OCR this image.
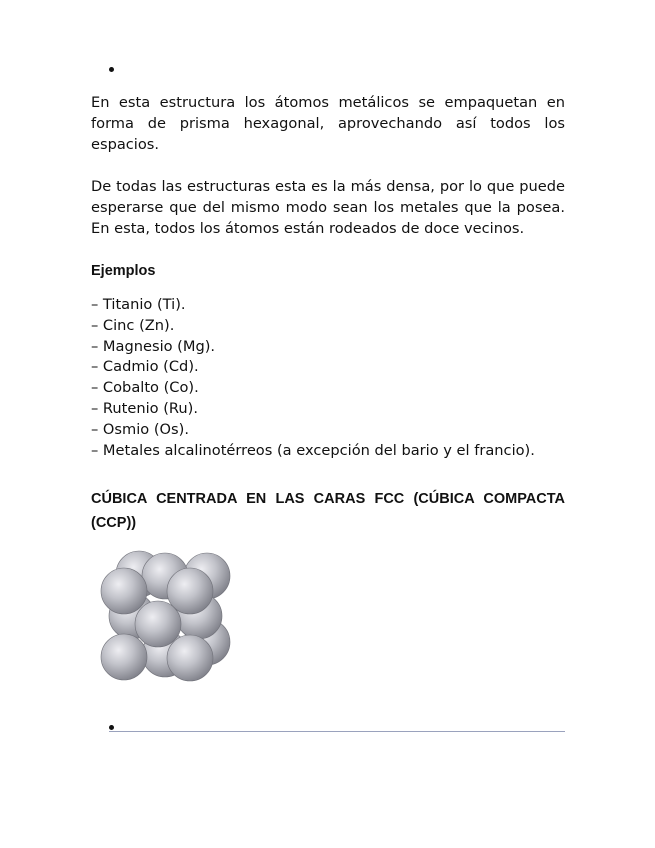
En esta estructura los átomos metálicos se empaquetan en forma de prisma hexagonal, aprovechando así todos los espacios.

De todas las estructuras esta es la más densa, por lo que puede esperarse que del mismo modo sean los metales que la posea. En esta, todos los átomos están rodeados de doce vecinos.

Ejemplos

– Titanio (Ti).
– Cinc (Zn).
– Magnesio (Mg).
– Cadmio (Cd).
– Cobalto (Co).
– Rutenio (Ru).
– Osmio (Os).
– Metales alcalinotérreos (a excepción del bario y el francio).

CÚBICA CENTRADA EN LAS CARAS FCC (CÚBICA COMPACTA (CCP))
